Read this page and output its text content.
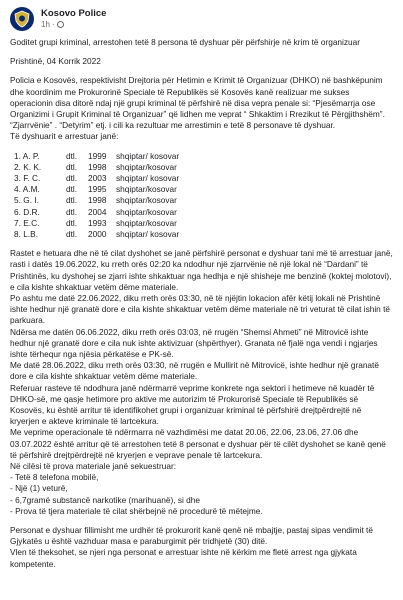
Kosovo Police
1h ·

Goditet grupi kriminal, arrestohen tetë 8 persona të dyshuar për përfshirje në krim të organizuar

Prishtinë, 04 Korrik 2022

Policia e Kosovës, respektivisht Drejtoria për Hetimin e Krimit të Organizuar (DHKO) në bashkëpunim dhe koordinim me Prokurorinë Speciale të Republikës së Kosovës kanë realizuar me sukses operacionin disa ditorë ndaj një grupi kriminal të përfshirë në disa vepra penale si: “Pjesëmarrja ose Organizimi i Grupit Kriminal të Organizuar” që lidhen me veprat “ Shkaktim i Rrezikut të Përgjithshëm”. “Zjarrvënie” . “Detyrim” etj. i cili ka rezultuar me arrestimin e tetë 8 personave të dyshuar.

Të dyshuarit e arrestuar janë:

1. A. P.	dtl.	1999	shqiptar/ kosovar
2. K. K.	dtl.	1998	shqiptar/kosovar
3. F. C.	dtl.	2003	shqiptar/ kosovar
4. A.M.	dtl.	1995	shqiptar/kosovar
5. G. I.	dtl.	1998	shqiptar/kosovar
6. D.R.	dtl.	2004	shqiptar/kosovar
7. E.C.	dtl.	1993	shqiptar/kosovar
8. L.B.	dtl.	2000	shqiptar/ kosovar

Rastet e hetuara dhe në të cilat dyshohet se janë përfshirë personat e dyshuar tani më të arrestuar janë, rasti i datës 19.06.2022, ku rreth orës 02:20 ka ndodhur një zjarrvënie në një lokal në “Dardani” të Prishtinës, ku dyshohej se zjarri ishte shkaktuar nga hedhja e një shisheje me benzinë (koktej molotovi), e cila kishte shkaktuar vetëm dëme materiale.

Po ashtu me datë 22.06.2022, diku rreth orës 03:30, në të njëjtin lokacion afër këtij lokali në Prishtinë ishte hedhur një granatë dore e cila kishte shkaktuar vetëm dëme materiale në tri veturat të cilat ishin të parkuara.

Ndërsa me datën 06.06.2022, diku rreth orës 03:03, në rrugën “Shemsi Ahmeti” në Mitrovicë ishte hedhur një granatë dore e cila nuk ishte aktivizuar (shpërthyer). Granata në fjalë nga vendi i ngjarjes ishte tërhequr nga njësia përkatëse e PK-së.

Me datë 28.06.2022, diku rreth orës 03:30, në rrugën e Mullirit në Mitrovicë, ishte hedhur një granatë dore e cila kishte shkaktuar vetëm dëme materiale.

Referuar rasteve të ndodhura janë ndërmarrë veprime konkrete nga sektori i hetimeve në kuadër të DHKO-së, me qasje hetimore pro aktive me autorizim të Prokurorisë Speciale të Republikës së Kosovës, ku është arritur të identifikohet grupi i organizuar kriminal të përfshirë drejtpërdrejtë në kryerjen e akteve kriminale të lartcekura.

Me veprime operacionale të ndërmarra në vazhdimësi me datat 20.06, 22.06, 23.06, 27.06 dhe 03.07.2022 është arritur që të arrestohen tetë 8 personat e dyshuar për të cilët dyshohet se kanë qenë të përfshirë drejtpërdrejtë në kryerjen e veprave penale të lartcekura.

Në cilësi të prova materiale janë sekuestruar:

- Tetë 8 telefona mobilë,

- Një (1) veturë,

- 6,7gramë substancë narkotike (marihuanë), si dhe

- Prova të tjera materiale të cilat shërbejnë në procedurë të mëtejme.

Personat e dyshuar fillimisht me urdhër të prokurorit kanë qenë në mbajtje, pastaj sipas vendimit të Gjykatës u është vazhduar masa e paraburgimit për tridhjetë (30) ditë.

Vlen të theksohet, se njeri nga personat e arrestuar ishte në kërkim me fletë arrest nga gjykata kompetente.
